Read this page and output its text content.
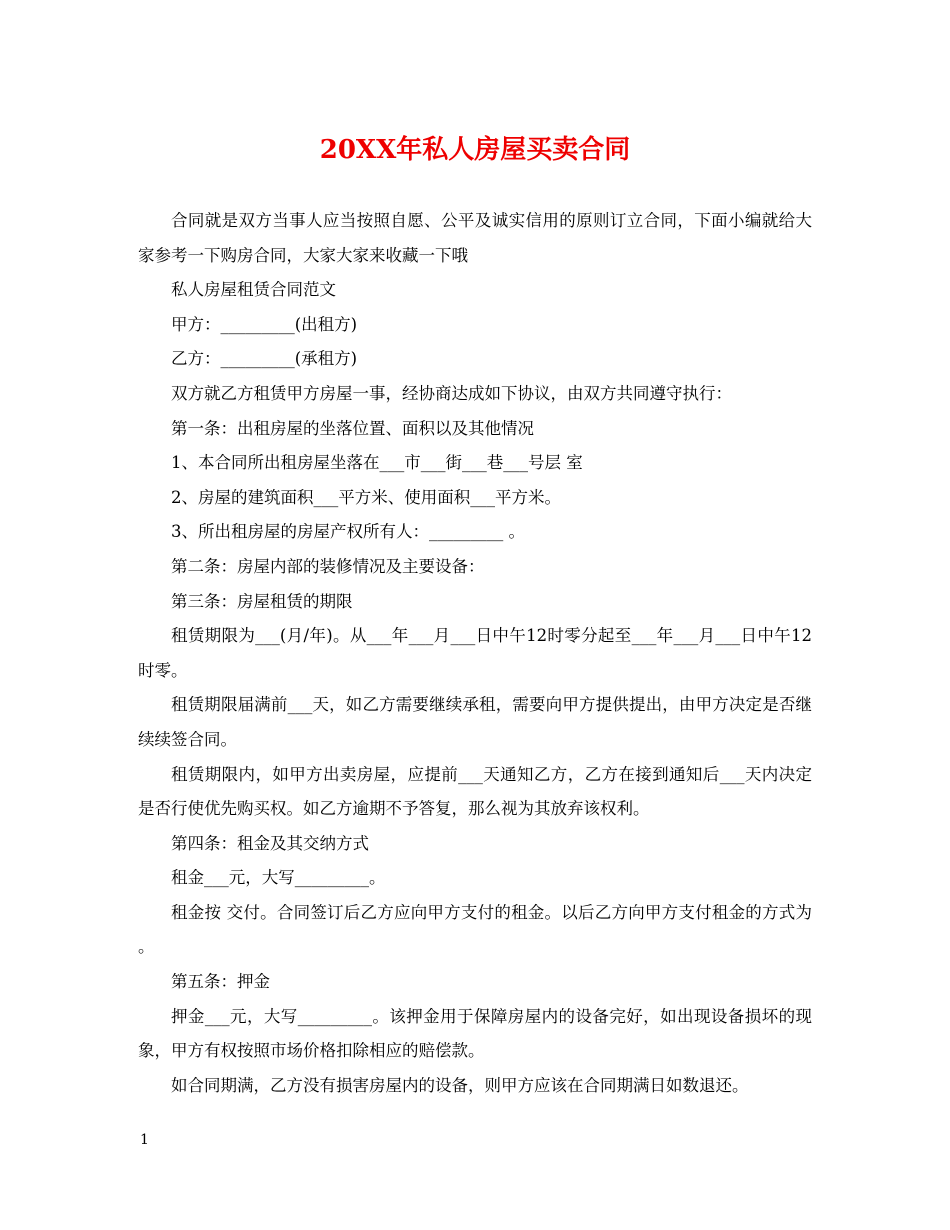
20XX年私人房屋买卖合同

合同就是双方当事人应当按照自愿、公平及诚实信用的原则订立合同，下面小编就给大家参考一下购房合同，大家大家来收藏一下哦

私人房屋租赁合同范文

甲方：_________(出租方)

乙方：_________(承租方)

双方就乙方租赁甲方房屋一事，经协商达成如下协议，由双方共同遵守执行：

第一条：出租房屋的坐落位置、面积以及其他情况

1、本合同所出租房屋坐落在___市___街___巷___号层 室

2、房屋的建筑面积___平方米、使用面积___平方米。

3、所出租房屋的房屋产权所有人：_________ 。

第二条：房屋内部的装修情况及主要设备：

第三条：房屋租赁的期限

租赁期限为___(月/年)。从___年___月___日中午12时零分起至___年___月___日中午12时零。

租赁期限届满前___天，如乙方需要继续承租，需要向甲方提供提出，由甲方决定是否继续续签合同。

租赁期限内，如甲方出卖房屋，应提前___天通知乙方，乙方在接到通知后___天内决定是否行使优先购买权。如乙方逾期不予答复，那么视为其放弃该权利。

第四条：租金及其交纳方式

租金___元，大写_________。

租金按 交付。合同签订后乙方应向甲方支付的租金。以后乙方向甲方支付租金的方式为 。

第五条：押金

押金___元，大写_________。该押金用于保障房屋内的设备完好，如出现设备损坏的现象，甲方有权按照市场价格扣除相应的赔偿款。

如合同期满，乙方没有损害房屋内的设备，则甲方应该在合同期满日如数退还。

1
